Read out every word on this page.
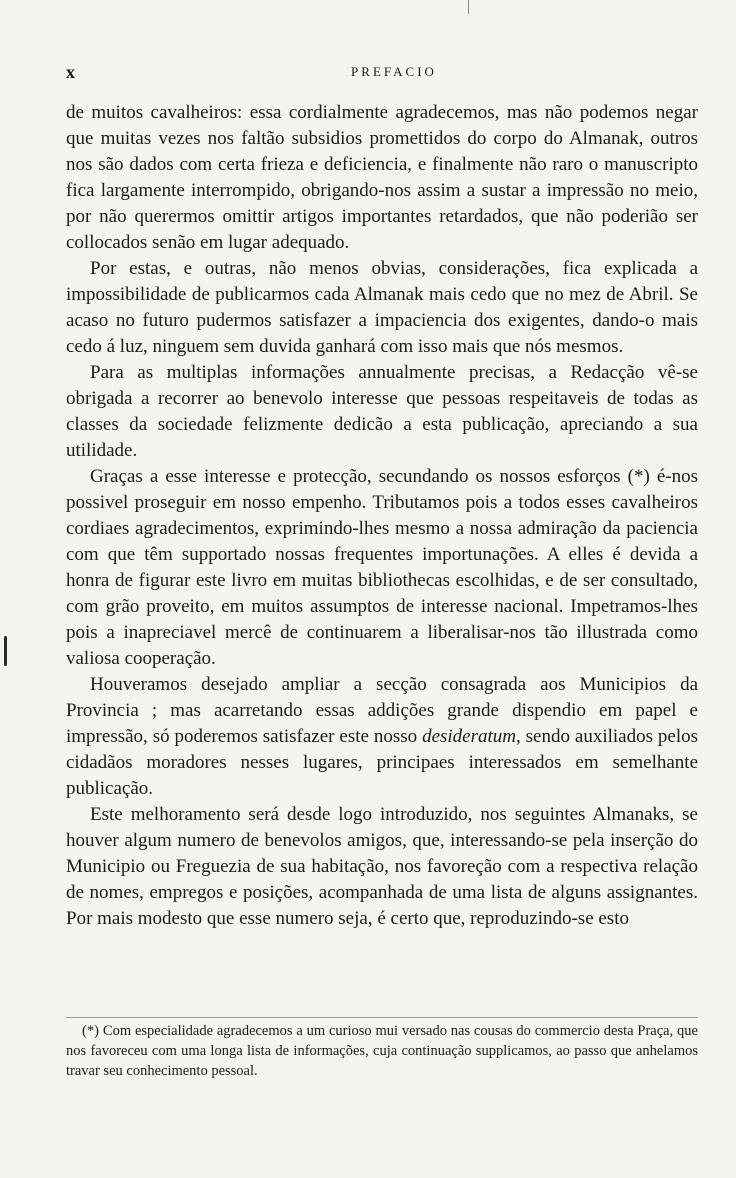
x	PREFACIO

de muitos cavalheiros: essa cordialmente agradecemos, mas não podemos negar que muitas vezes nos faltão subsidios promettidos do corpo do Almanak, outros nos são dados com certa frieza e deficiencia, e finalmente não raro o manuscripto fica largamente interrompido, obrigando-nos assim a sustar a impressão no meio, por não querermos omittir artigos importantes retardados, que não poderião ser collocados senão em lugar adequado.

Por estas, e outras, não menos obvias, considerações, fica explicada a impossibilidade de publicarmos cada Almanak mais cedo que no mez de Abril. Se acaso no futuro pudermos satisfazer a impaciencia dos exigentes, dando-o mais cedo á luz, ninguem sem duvida ganhará com isso mais que nós mesmos.

Para as multiplas informações annualmente precisas, a Redacção vê-se obrigada a recorrer ao benevolo interesse que pessoas respeitaveis de todas as classes da sociedade felizmente dedicão a esta publicação, apreciando a sua utilidade.

Graças a esse interesse e protecção, secundando os nossos esforços (*) é-nos possivel proseguir em nosso empenho. Tributamos pois a todos esses cavalheiros cordiaes agradecimentos, exprimindo-lhes mesmo a nossa admiração da paciencia com que têm supportado nossas frequentes importunações. A elles é devida a honra de figurar este livro em muitas bibliothecas escolhidas, e de ser consultado, com grão proveito, em muitos assumptos de interesse nacional. Impetramos-lhes pois a inapreciavel mercê de continuarem a liberalisar-nos tão illustrada como valiosa cooperação.

Houveramos desejado ampliar a secção consagrada aos Municipios da Provincia ; mas acarretando essas addições grande dispendio em papel e impressão, só poderemos satisfazer este nosso desideratum, sendo auxiliados pelos cidadãos moradores nesses lugares, principaes interessados em semelhante publicação.

Este melhoramento será desde logo introduzido, nos seguintes Almanaks, se houver algum numero de benevolos amigos, que, interessando-se pela inserção do Municipio ou Freguezia de sua habitação, nos favoreção com a respectiva relação de nomes, empregos e posições, acompanhada de uma lista de alguns assignantes. Por mais modesto que esse numero seja, é certo que, reproduzindo-se esto

(*) Com especialidade agradecemos a um curioso mui versado nas cousas do commercio desta Praça, que nos favoreceu com uma longa lista de informações, cuja continuação supplicamos, ao passo que anhelamos travar seu conhecimento pessoal.
